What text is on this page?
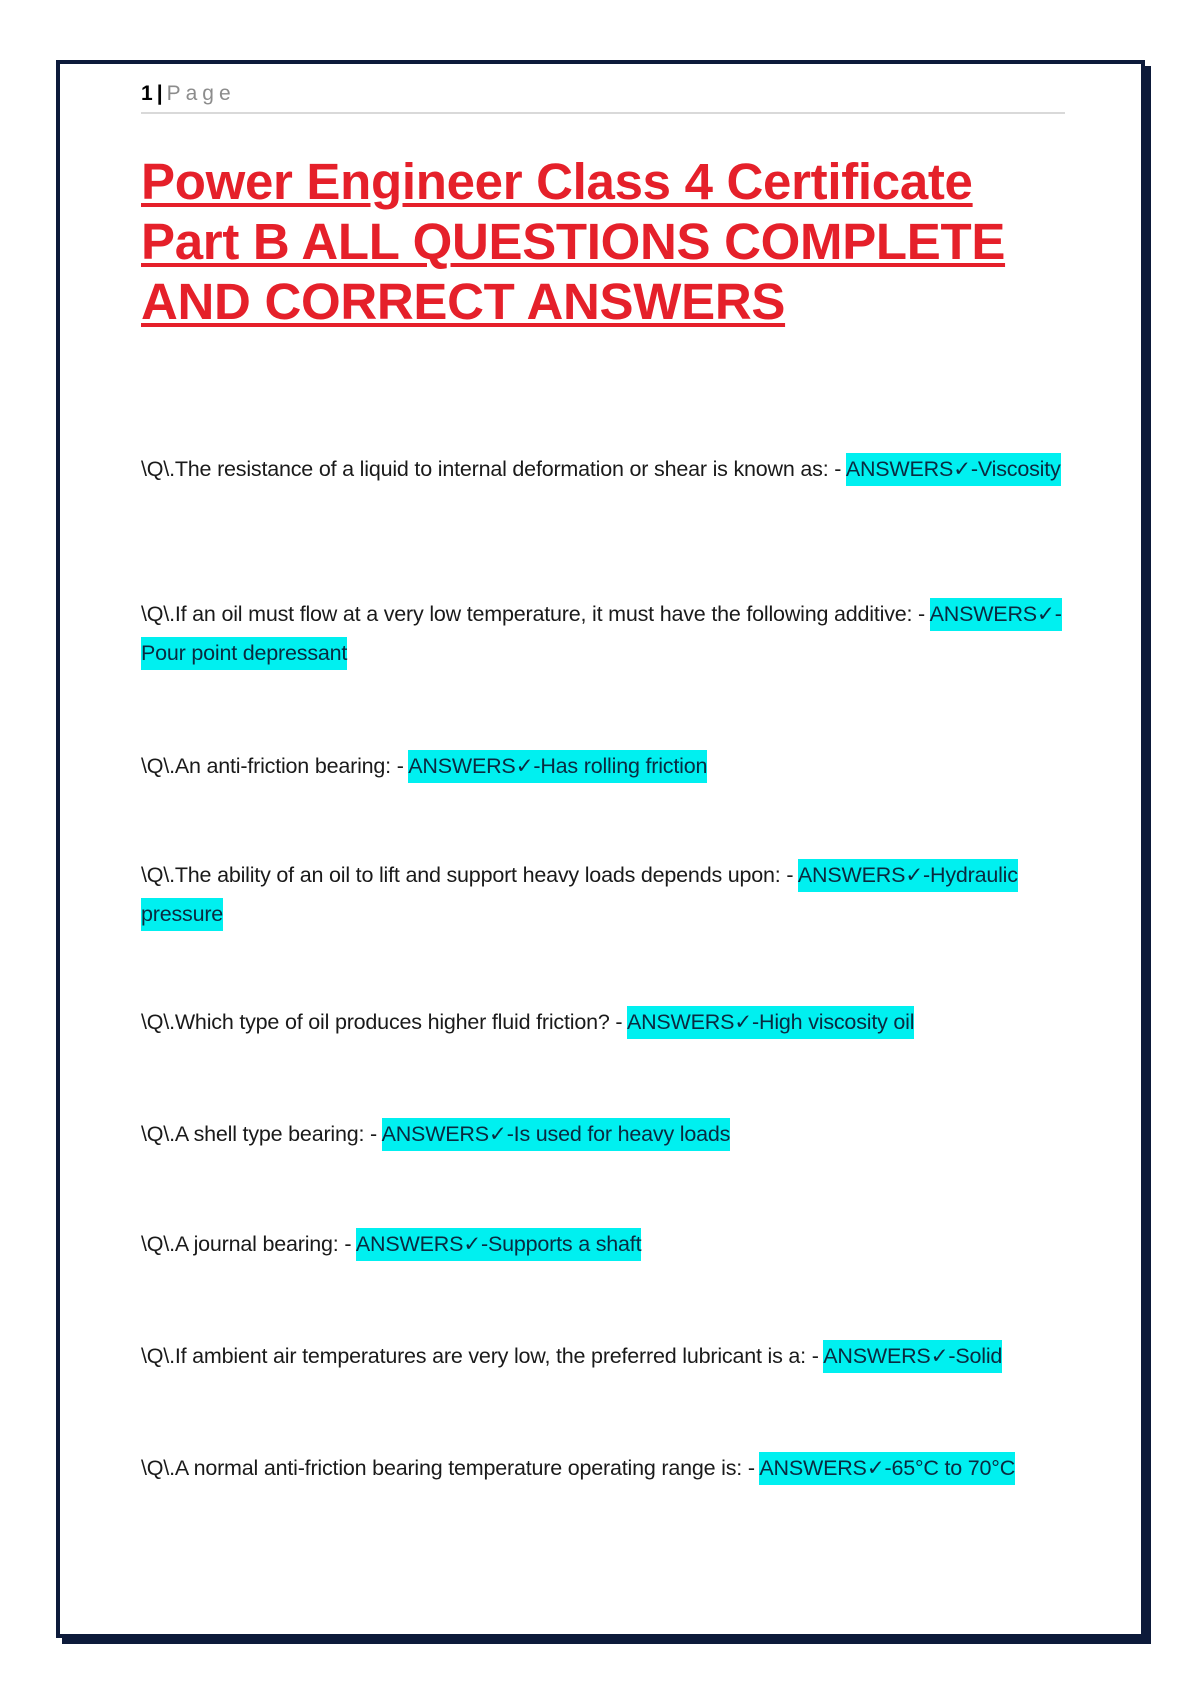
1 | Page
Power Engineer Class 4 Certificate Part B ALL QUESTIONS COMPLETE AND CORRECT ANSWERS

\Q\.The resistance of a liquid to internal deformation or shear is known as: - ANSWERS✓-Viscosity

\Q\.If an oil must flow at a very low temperature, it must have the following additive: - ANSWERS✓-Pour point depressant

\Q\.An anti-friction bearing: - ANSWERS✓-Has rolling friction

\Q\.The ability of an oil to lift and support heavy loads depends upon: - ANSWERS✓-Hydraulic pressure

\Q\.Which type of oil produces higher fluid friction? - ANSWERS✓-High viscosity oil

\Q\.A shell type bearing: - ANSWERS✓-Is used for heavy loads

\Q\.A journal bearing: - ANSWERS✓-Supports a shaft

\Q\.If ambient air temperatures are very low, the preferred lubricant is a: - ANSWERS✓-Solid

\Q\.A normal anti-friction bearing temperature operating range is: - ANSWERS✓-65°C to 70°C
